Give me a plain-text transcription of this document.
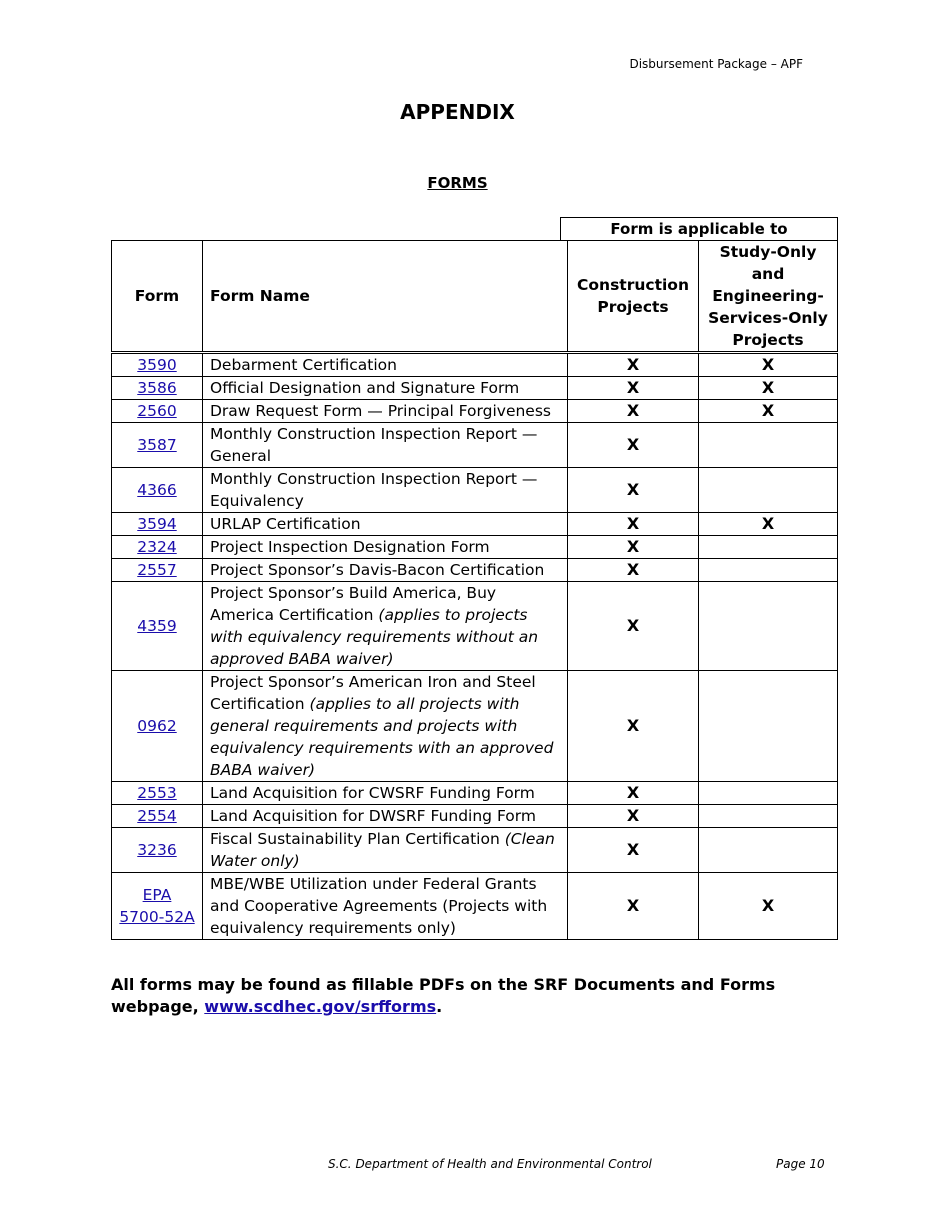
Disbursement Package – APF
APPENDIX
FORMS
Form is applicable to
Form	Form Name	Construction Projects	Study-Only and Engineering-Services-Only Projects
3590	Debarment Certification	X	X
3586	Official Designation and Signature Form	X	X
2560	Draw Request Form — Principal Forgiveness	X	X
3587	Monthly Construction Inspection Report — General	X	
4366	Monthly Construction Inspection Report — Equivalency	X	
3594	URLAP Certification	X	X
2324	Project Inspection Designation Form	X	
2557	Project Sponsor’s Davis-Bacon Certification	X	
4359	Project Sponsor’s Build America, Buy America Certification (applies to projects with equivalency requirements without an approved BABA waiver)	X	
0962	Project Sponsor’s American Iron and Steel Certification (applies to all projects with general requirements and projects with equivalency requirements with an approved BABA waiver)	X	
2553	Land Acquisition for CWSRF Funding Form	X	
2554	Land Acquisition for DWSRF Funding Form	X	
3236	Fiscal Sustainability Plan Certification (Clean Water only)	X	
EPA 5700-52A	MBE/WBE Utilization under Federal Grants and Cooperative Agreements (Projects with equivalency requirements only)	X	X
All forms may be found as fillable PDFs on the SRF Documents and Forms webpage, www.scdhec.gov/srfforms.
S.C. Department of Health and Environmental Control	Page 10
